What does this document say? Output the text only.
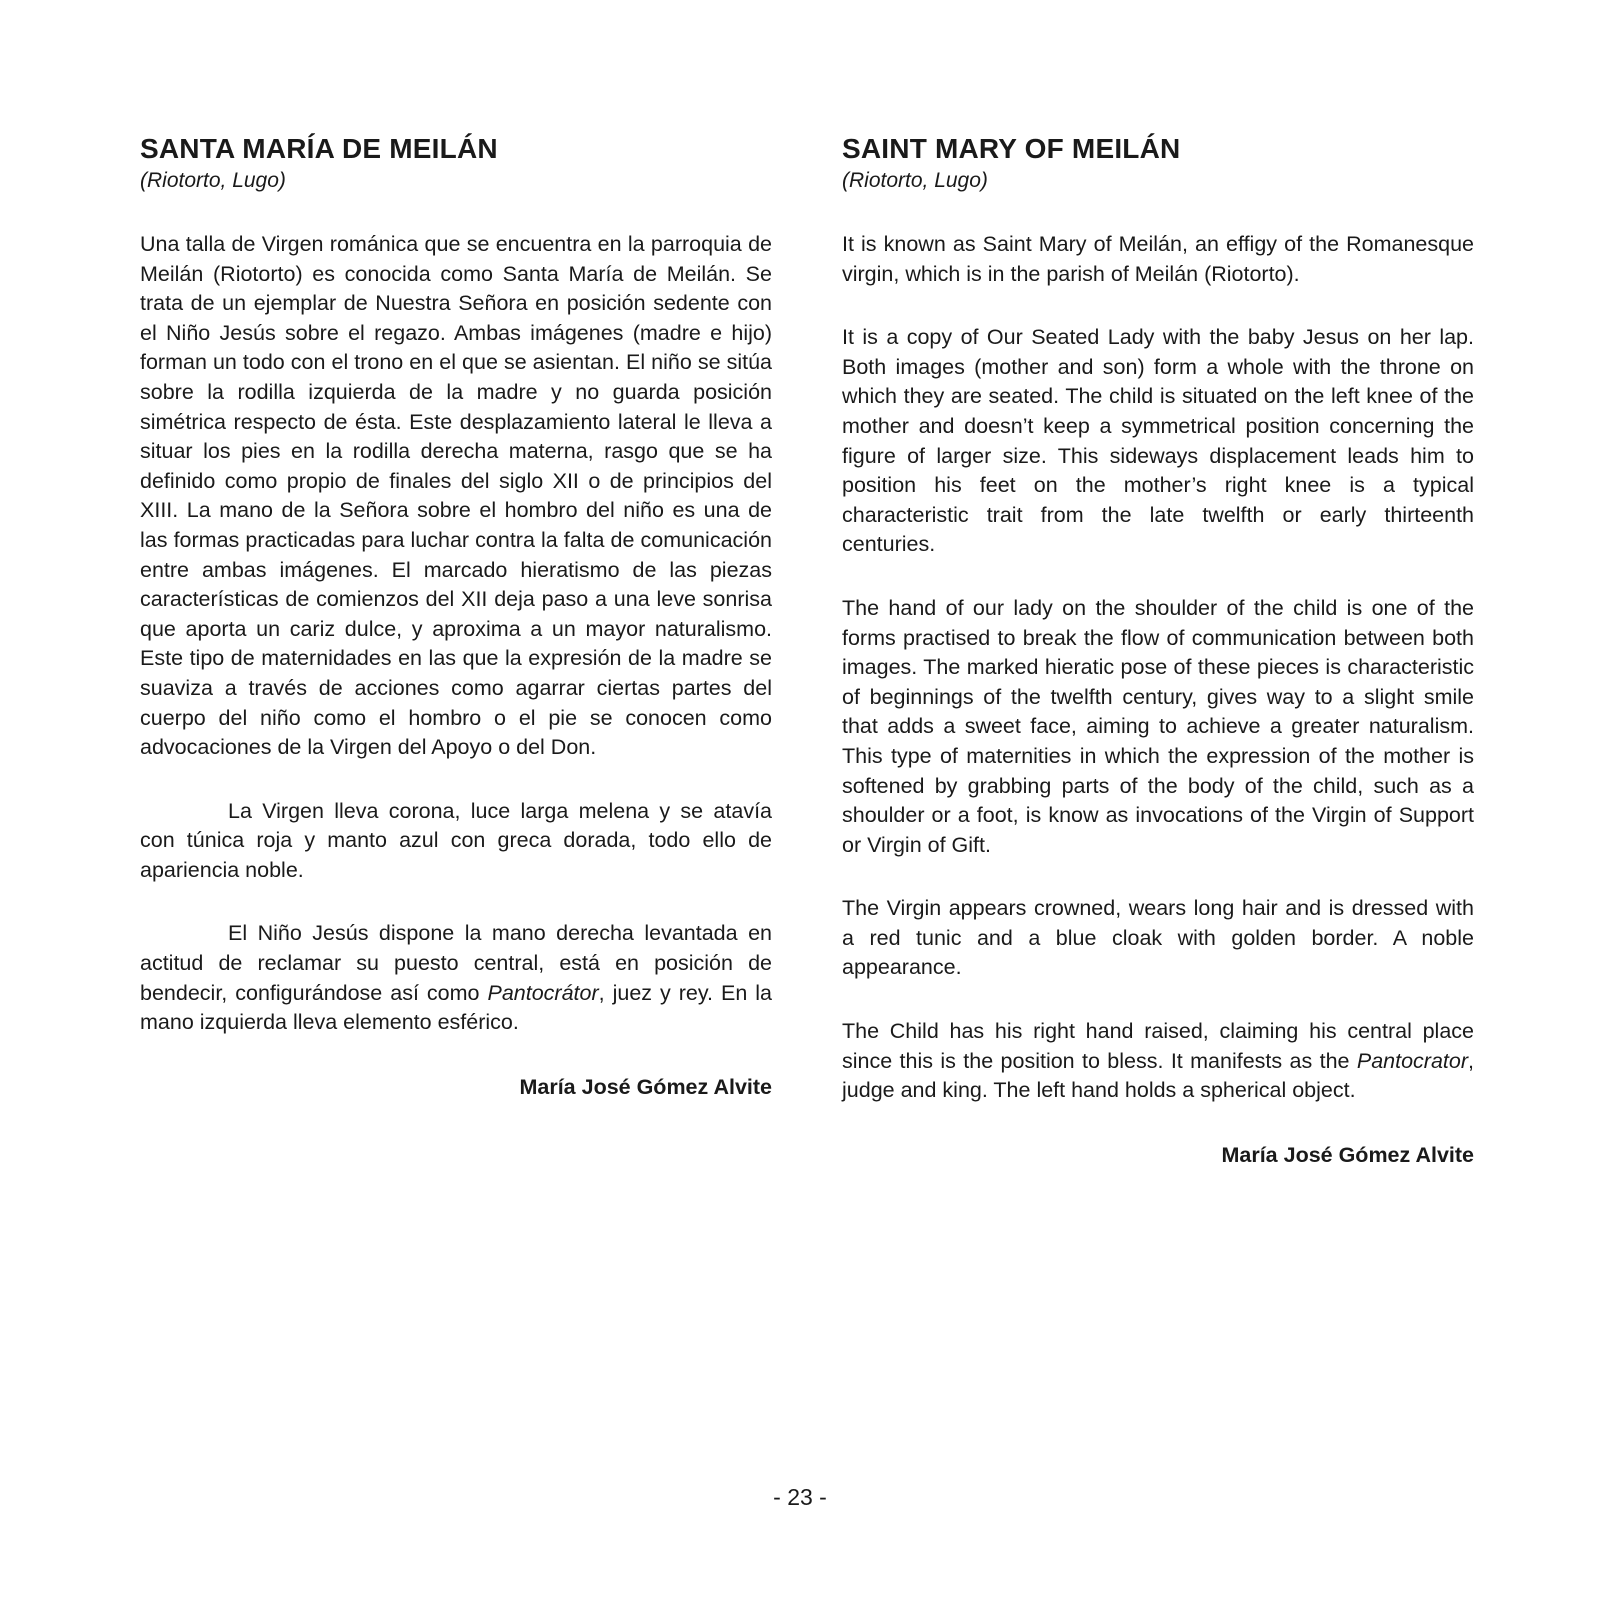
SANTA MARÍA DE MEILÁN

(Riotorto, Lugo)

Una talla de Virgen románica que se encuentra en la parroquia de Meilán (Riotorto) es conocida como Santa María de Meilán. Se trata de un ejemplar de Nuestra Señora en posición sedente con el Niño Jesús sobre el regazo. Ambas imágenes (madre e hijo) forman un todo con el trono en el que se asientan. El niño se sitúa sobre la rodilla izquierda de la madre y no guarda posición simétrica respecto de ésta. Este desplazamiento lateral le lleva a situar los pies en la rodilla derecha materna, rasgo que se ha definido como propio de finales del siglo XII o de principios del XIII. La mano de la Señora sobre el hombro del niño es una de las formas practicadas para luchar contra la falta de comunicación entre ambas imágenes. El marcado hieratismo de las piezas características de comienzos del XII deja paso a una leve sonrisa que aporta un cariz dulce, y aproxima a un mayor naturalismo. Este tipo de maternidades en las que la expresión de la madre se suaviza a través de acciones como agarrar ciertas partes del cuerpo del niño como el hombro o el pie se conocen como advocaciones de la Virgen del Apoyo o del Don.

La Virgen lleva corona, luce larga melena y se atavía con túnica roja y manto azul con greca dorada, todo ello de apariencia noble.

El Niño Jesús dispone la mano derecha levantada en actitud de reclamar su puesto central, está en posición de bendecir, configurándose así como Pantocrátor, juez y rey. En la mano izquierda lleva elemento esférico.

María José Gómez Alvite

SAINT MARY OF MEILÁN

(Riotorto, Lugo)

It is known as Saint Mary of Meilán, an effigy of the Romanesque virgin, which is in the parish of Meilán (Riotorto).

It is a copy of Our Seated Lady with the baby Jesus on her lap. Both images (mother and son) form a whole with the throne on which they are seated. The child is situated on the left knee of the mother and doesn’t keep a symmetrical position concerning the figure of larger size. This sideways displacement leads him to position his feet on the mother’s right knee is a typical characteristic trait from the late twelfth or early thirteenth centuries.

The hand of our lady on the shoulder of the child is one of the forms practised to break the flow of communication between both images. The marked hieratic pose of these pieces is characteristic of beginnings of the twelfth century, gives way to a slight smile that adds a sweet face, aiming to achieve a greater naturalism. This type of maternities in which the expression of the mother is softened by grabbing parts of the body of the child, such as a shoulder or a foot, is know as invocations of the Virgin of Support or Virgin of Gift.

The Virgin appears crowned, wears long hair and is dressed with a red tunic and a blue cloak with golden border. A noble appearance.

The Child has his right hand raised, claiming his central place since this is the position to bless. It manifests as the Pantocrator, judge and king. The left hand holds a spherical object.

María José Gómez Alvite

- 23 -
